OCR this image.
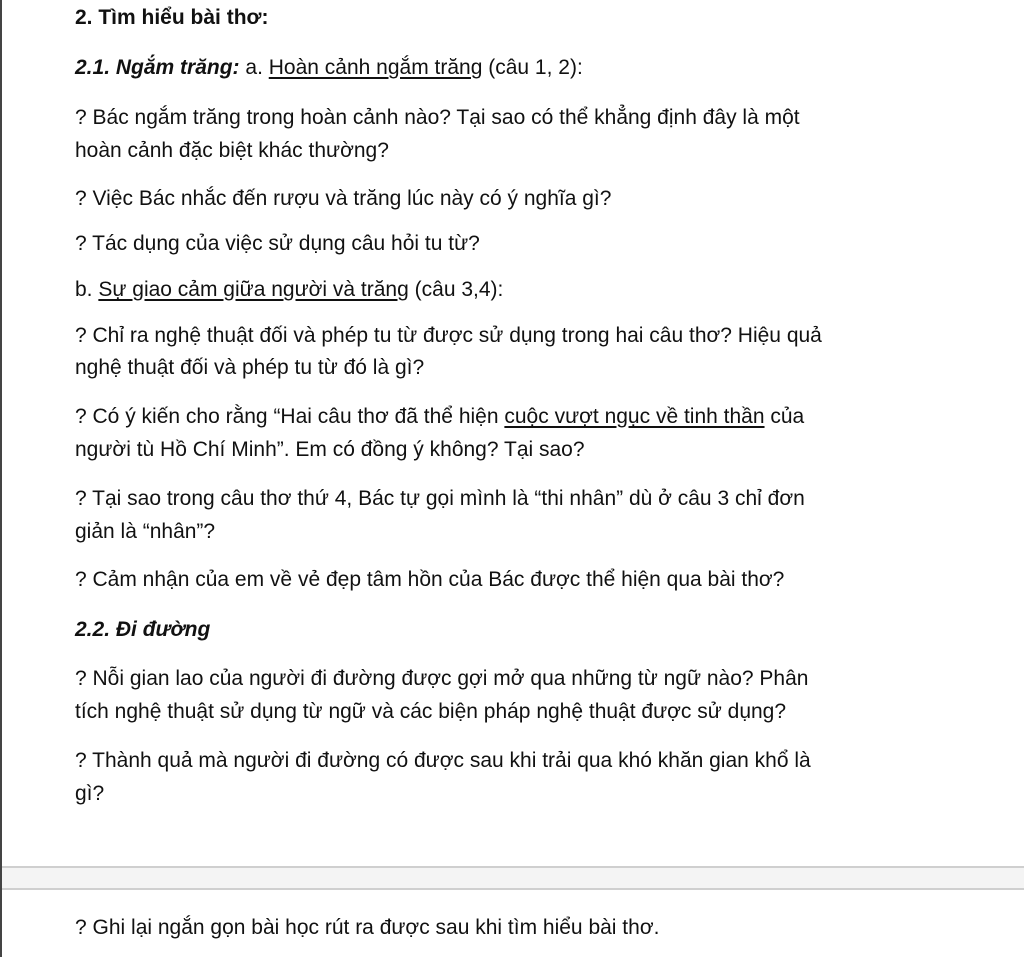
2. Tìm hiểu bài thơ:

2.1. Ngắm trăng: a. Hoàn cảnh ngắm trăng (câu 1, 2):

? Bác ngắm trăng trong hoàn cảnh nào? Tại sao có thể khẳng định đây là một

hoàn cảnh đặc biệt khác thường?

? Việc Bác nhắc đến rượu và trăng lúc này có ý nghĩa gì?

? Tác dụng của việc sử dụng câu hỏi tu từ?

b. Sự giao cảm giữa người và trăng (câu 3,4):

? Chỉ ra nghệ thuật đối và phép tu từ được sử dụng trong hai câu thơ? Hiệu quả

nghệ thuật đối và phép tu từ đó là gì?

? Có ý kiến cho rằng “Hai câu thơ đã thể hiện cuộc vượt ngục về tinh thần của

người tù Hồ Chí Minh”. Em có đồng ý không? Tại sao?

? Tại sao trong câu thơ thứ 4, Bác tự gọi mình là “thi nhân” dù ở câu 3 chỉ đơn

giản là “nhân”?

? Cảm nhận của em về vẻ đẹp tâm hồn của Bác được thể hiện qua bài thơ?

2.2. Đi đường

? Nỗi gian lao của người đi đường được gợi mở qua những từ ngữ nào? Phân

tích nghệ thuật sử dụng từ ngữ và các biện pháp nghệ thuật được sử dụng?

? Thành quả mà người đi đường có được sau khi trải qua khó khăn gian khổ là

gì?

? Ghi lại ngắn gọn bài học rút ra được sau khi tìm hiểu bài thơ.
